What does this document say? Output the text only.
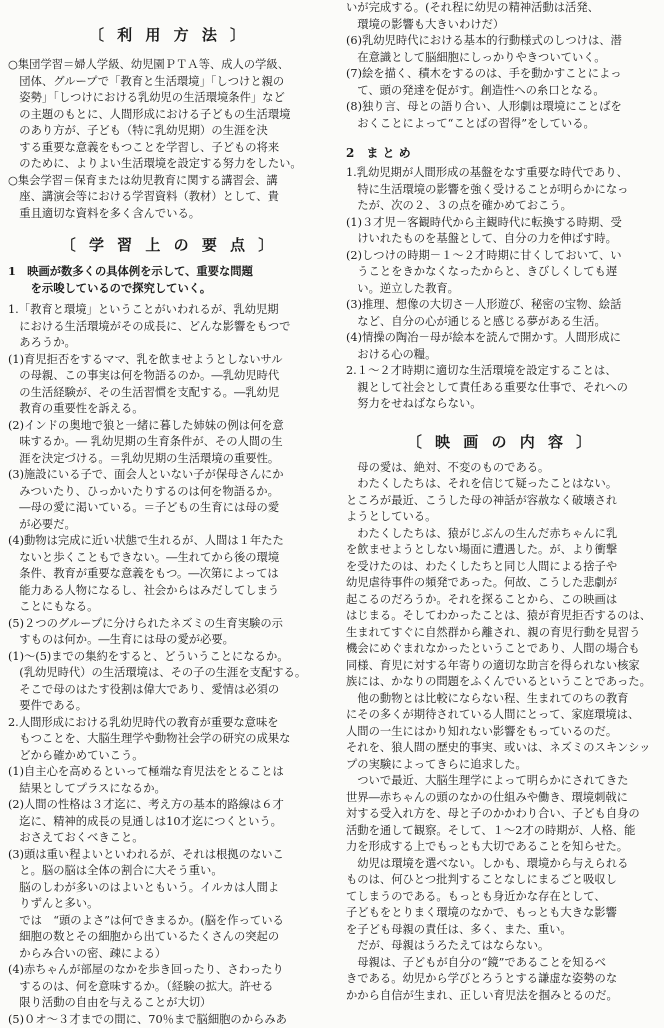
〔 利 用 方 法 〕
○集団学習＝婦人学級、幼児園ＰＴＡ等、成人の学級、
　団体、グループで「教育と生活環境」「しつけと親の
　姿勢」「しつけにおける乳幼児の生活環境条件」など
　の主題のもとに、人間形成における子どもの生活環境
　のあり方が、子ども（特に乳幼児期）の生涯を決
　する重要な意義をもつことを学習し、子どもの将来
　のために、よりよい生活環境を設定する努力をしたい。
○集会学習＝保育または幼児教育に関する講習会、講
　座、講演会等における学習資料（教材）として、貴
　重且適切な資料を多く含んでいる。
〔 学 習 上 の 要 点 〕
1　映画が数多くの具体例を示して、重要な問題
　　を示唆しているので探究していく。
1.「教育と環境」ということがいわれるが、乳幼児期
　における生活環境がその成長に、どんな影響をもつで
　あろうか。
(1)育児拒否をするママ、乳を飲ませようとしないサル
　の母親、この事実は何を物語るのか。―乳幼児時代
　の生活経験が、その生活習慣を支配する。―乳幼児
　教育の重要性を訴える。
(2)インドの奥地で狼と一緒に暮した姉妹の例は何を意
　味するか。― 乳幼児期の生育条件が、その人間の生
　涯を決定づける。＝乳幼児期の生活環境の重要性。
(3)施設にいる子で、面会人といない子が保母さんにか
　みついたり、ひっかいたりするのは何を物語るか。
　―母の愛に渇いている。＝子どもの生育には母の愛
　が必要だ。
(4)動物は完成に近い状態で生れるが、人間は１年たた
　ないと歩くこともできない。―生れてから後の環境
　条件、教育が重要な意義をもつ。―次第によっては
　能力ある人物になるし、社会からはみだしてしまう
　ことにもなる。
(5)２つのグループに分けられたネズミの生育実験の示
　すものは何か。―生育には母の愛が必要。
(1)～(5)までの集約をすると、どういうことになるか。
　(乳幼児時代）の生活環境は、その子の生涯を支配する。
　そこで母のはたす役割は偉大であり、愛情は必須の
　要件である。
2.人間形成における乳幼児時代の教育が重要な意味を
　もつことを、大脳生理学や動物社会学の研究の成果な
　どから確かめていこう。
(1)自主心を高めるといって極端な育児法をとることは
　結果としてプラスになるか。
(2)人間の性格は３才迄に、考え方の基本的路線は６才
　迄に、精神的成長の見通しは10才迄につくという。
　おさえておくべきこと。
(3)頭は重い程よいといわれるが、それは根拠のないこ
　と。脳の脳は全体の割合に大そう重い。
　脳のしわが多いのはよいともいう。イルカは人間よ
　りずんと多い。
　では　“頭のよさ”は何できまるか。(脳を作っている
　細胞の数とその細胞から出ているたくさんの突起の
　からみ合いの密、疎による）
(4)赤ちゃんが部屋のなかを歩き回ったり、さわったり
　するのは、何を意味するか。（経験の拡大。許せる
　限り活動の自由を与えることが大切）
(5)０オ～３才までの間に、70％まで脳細胞のからみあ
いが完成する。(それ程に幼児の精神活動は活発、
　環境の影響も大きいわけだ）
(6)乳幼児時代における基本的行動様式のしつけは、潜
　在意識として脳細胞にしっかりやきついていく。
(7)絵を描く、積木をするのは、手を動かすことによっ
　て、頭の発達を促がす。創造性への糸口となる。
(8)独り言、母との語り合い、人形劇は環境にことばを
　おくことによって“ことばの習得”をしている。
2　ま と め
1.乳幼児期が人間形成の基盤をなす重要な時代であり、
　特に生活環境の影響を強く受けることが明らかになっ
　たが、次の２、３の点を確かめておこう。
(1)３才児－客観時代から主観時代に転換する時期、受
　けいれたものを基盤として、自分の力を伸ばす時。
(2)しつけの時期－１～２才時期に甘くしておいて、い
　うことをきかなくなったからと、きびしくしても遅
　い。逆立した教育。
(3)推理、想像の大切さ－人形遊び、秘密の宝物、絵話
　など、自分の心が通じると感じる夢がある生活。
(4)情操の陶冶－母が絵本を読んで開かす。人間形成に
　おける心の糧。
2.１～２才時期に適切な生活環境を設定することは、
　親として社会として責任ある重要な仕事で、それへの
　努力をせねばならない。
〔 映 画 の 内 容 〕
　母の愛は、絶対、不変のものである。
　わたくしたちは、それを信じて疑ったことはない。
ところが最近、こうした母の神話が容赦なく破壊され
ようとしている。
　わたくしたちは、猿がじぶんの生んだ赤ちゃんに乳
を飲ませようとしない場面に遭遇した。が、より衝撃
を受けたのは、わたくしたちと同じ人間による捨子や
幼児虐待事件の頻発であった。何故、こうした悲劇が
起こるのだろうか。それを探ることから、この映画は
はじまる。そしてわかったことは、猿が育児拒否するのは、
生まれてすぐに自然群から離され、親の育児行動を見習う
機会にめぐまれなかったということであり、人間の場合も
同様、育児に対する年寄りの適切な助言を得られない核家
族には、かなりの問題をふくんでいるということであった。
　他の動物とは比較にならない程、生まれてのちの教育
にその多くが期待されている人間にとって、家庭環境は、
人間の一生にはかり知れない影響をもっているのだ。
それを、狼人間の歴史的事実、或いは、ネズミのスキンシッ
プの実験によってきらに追求した。
　ついで最近、大脳生理学によって明らかにされてきた
世界―赤ちゃんの頭のなかの仕組みや働き、環境刺戟に
対する受入れ方を、母と子のかかわり合い、子ども自身の
活動を通して観察。そして、１～2才の時期が、人格、能
力を形成する上でもっとも大切であることを知らせた。
　幼児は環境を選べない。しかも、環境から与えられる
ものは、何ひとつ批判することなしにまるごと吸収し
てしまうのである。もっとも身近かな存在として、
子どもをとりまく環境のなかで、もっとも大きな影響
を子ども母親の責任は、多く、また、重い。
　だが、母親はうろたえてはならない。
　母親は、子どもが自分の“鏡”であることを知るべ
きである。幼児から学びとろうとする謙虚な姿勢のな
かから自信が生まれ、正しい育児法を掴みとるのだ。
